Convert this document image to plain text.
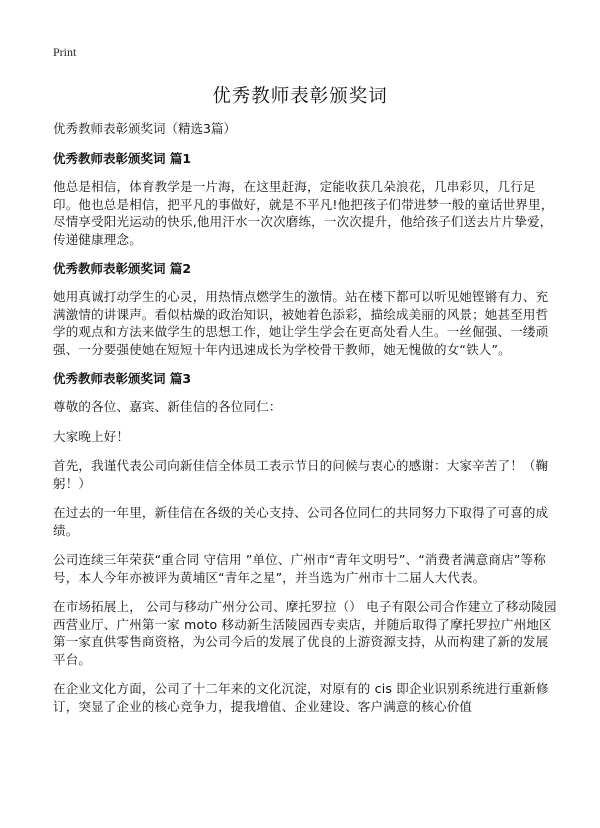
Print
优秀教师表彰颁奖词
优秀教师表彰颁奖词（精选3篇）
优秀教师表彰颁奖词 篇1

他总是相信，体育教学是一片海，在这里赶海，定能收获几朵浪花，几串彩贝，几行足印。他也总是相信，把平凡的事做好，就是不平凡!他把孩子们带进梦一般的童话世界里，尽情享受阳光运动的快乐,他用汗水一次次磨练，一次次提升，他给孩子们送去片片挚爱，传递健康理念。

优秀教师表彰颁奖词 篇2

她用真诚打动学生的心灵，用热情点燃学生的激情。站在楼下都可以听见她铿锵有力、充满激情的讲课声。看似枯燥的政治知识，被她着色添彩，描绘成美丽的风景；她甚至用哲学的观点和方法来做学生的思想工作，她让学生学会在更高处看人生。一丝倔强、一缕顽强、一分要强使她在短短十年内迅速成长为学校骨干教师，她无愧做的女“铁人”。

优秀教师表彰颁奖词 篇3

尊敬的各位、嘉宾、新佳信的各位同仁：

大家晚上好！

首先，我谨代表公司向新佳信全体员工表示节日的问候与衷心的感谢：大家辛苦了！（鞠躬！）

在过去的一年里，新佳信在各级的关心支持、公司各位同仁的共同努力下取得了可喜的成绩。

公司连续三年荣获“重合同 守信用 ”单位、广州市“青年文明号”、“消费者满意商店”等称号，本人今年亦被评为黄埔区“青年之星”，并当选为广州市十二届人大代表。

在市场拓展上， 公司与移动广州分公司、摩托罗拉（） 电子有限公司合作建立了移动陵园西营业厅、广州第一家 moto 移动新生活陵园西专卖店，并随后取得了摩托罗拉广州地区第一家直供零售商资格，为公司今后的发展了优良的上游资源支持，从而构建了新的发展平台。

在企业文化方面，公司了十二年来的文化沉淀，对原有的 cis 即企业识别系统进行重新修订，突显了企业的核心竞争力，提我增值、企业建设、客户满意的核心价值
